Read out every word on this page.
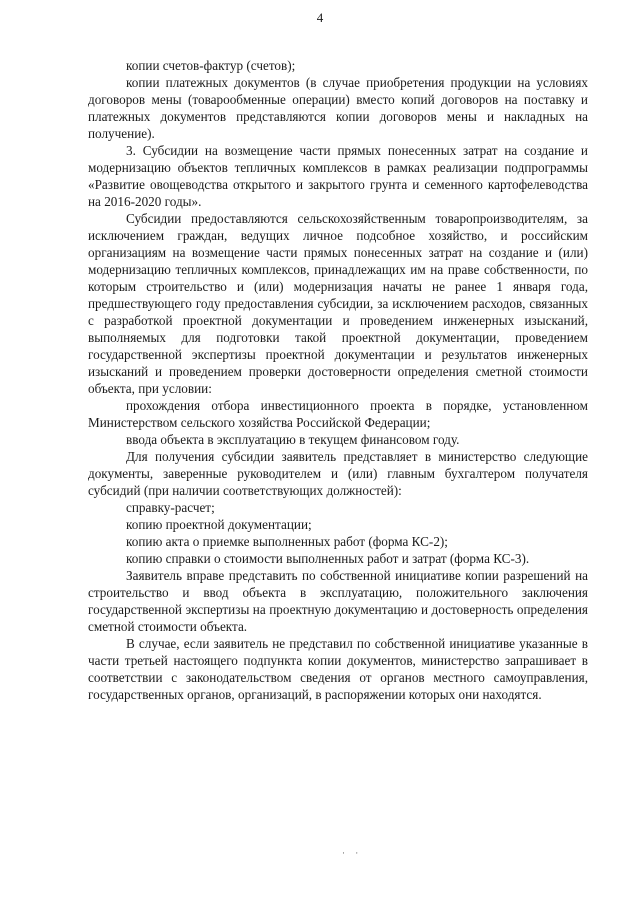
4

копии счетов-фактур (счетов);

копии платежных документов (в случае приобретения продукции на условиях договоров мены (товарообменные операции) вместо копий договоров на поставку и платежных документов представляются копии договоров мены и накладных на получение).

3. Субсидии на возмещение части прямых понесенных затрат на создание и модернизацию объектов тепличных комплексов в рамках реализации подпрограммы «Развитие овощеводства открытого и закрытого грунта и семенного картофелеводства на 2016-2020 годы».

Субсидии предоставляются сельскохозяйственным товаропроизводителям, за исключением граждан, ведущих личное подсобное хозяйство, и российским организациям на возмещение части прямых понесенных затрат на создание и (или) модернизацию тепличных комплексов, принадлежащих им на праве собственности, по которым строительство и (или) модернизация начаты не ранее 1 января года, предшествующего году предоставления субсидии, за исключением расходов, связанных с разработкой проектной документации и проведением инженерных изысканий, выполняемых для подготовки такой проектной документации, проведением государственной экспертизы проектной документации и результатов инженерных изысканий и проведением проверки достоверности определения сметной стоимости объекта, при условии:

прохождения отбора инвестиционного проекта в порядке, установленном Министерством сельского хозяйства Российской Федерации;

ввода объекта в эксплуатацию в текущем финансовом году.

Для получения субсидии заявитель представляет в министерство следующие документы, заверенные руководителем и (или) главным бухгалтером получателя субсидий (при наличии соответствующих должностей):

справку-расчет;

копию проектной документации;

копию акта о приемке выполненных работ (форма КС-2);

копию справки о стоимости выполненных работ и затрат (форма КС-3).

Заявитель вправе представить по собственной инициативе копии разрешений на строительство и ввод объекта в эксплуатацию, положительного заключения государственной экспертизы на проектную документацию и достоверность определения сметной стоимости объекта.

В случае, если заявитель не представил по собственной инициативе указанные в части третьей настоящего подпункта копии документов, министерство запрашивает в соответствии с законодательством сведения от органов местного самоуправления, государственных органов, организаций, в распоряжении которых они находятся.

· ·
